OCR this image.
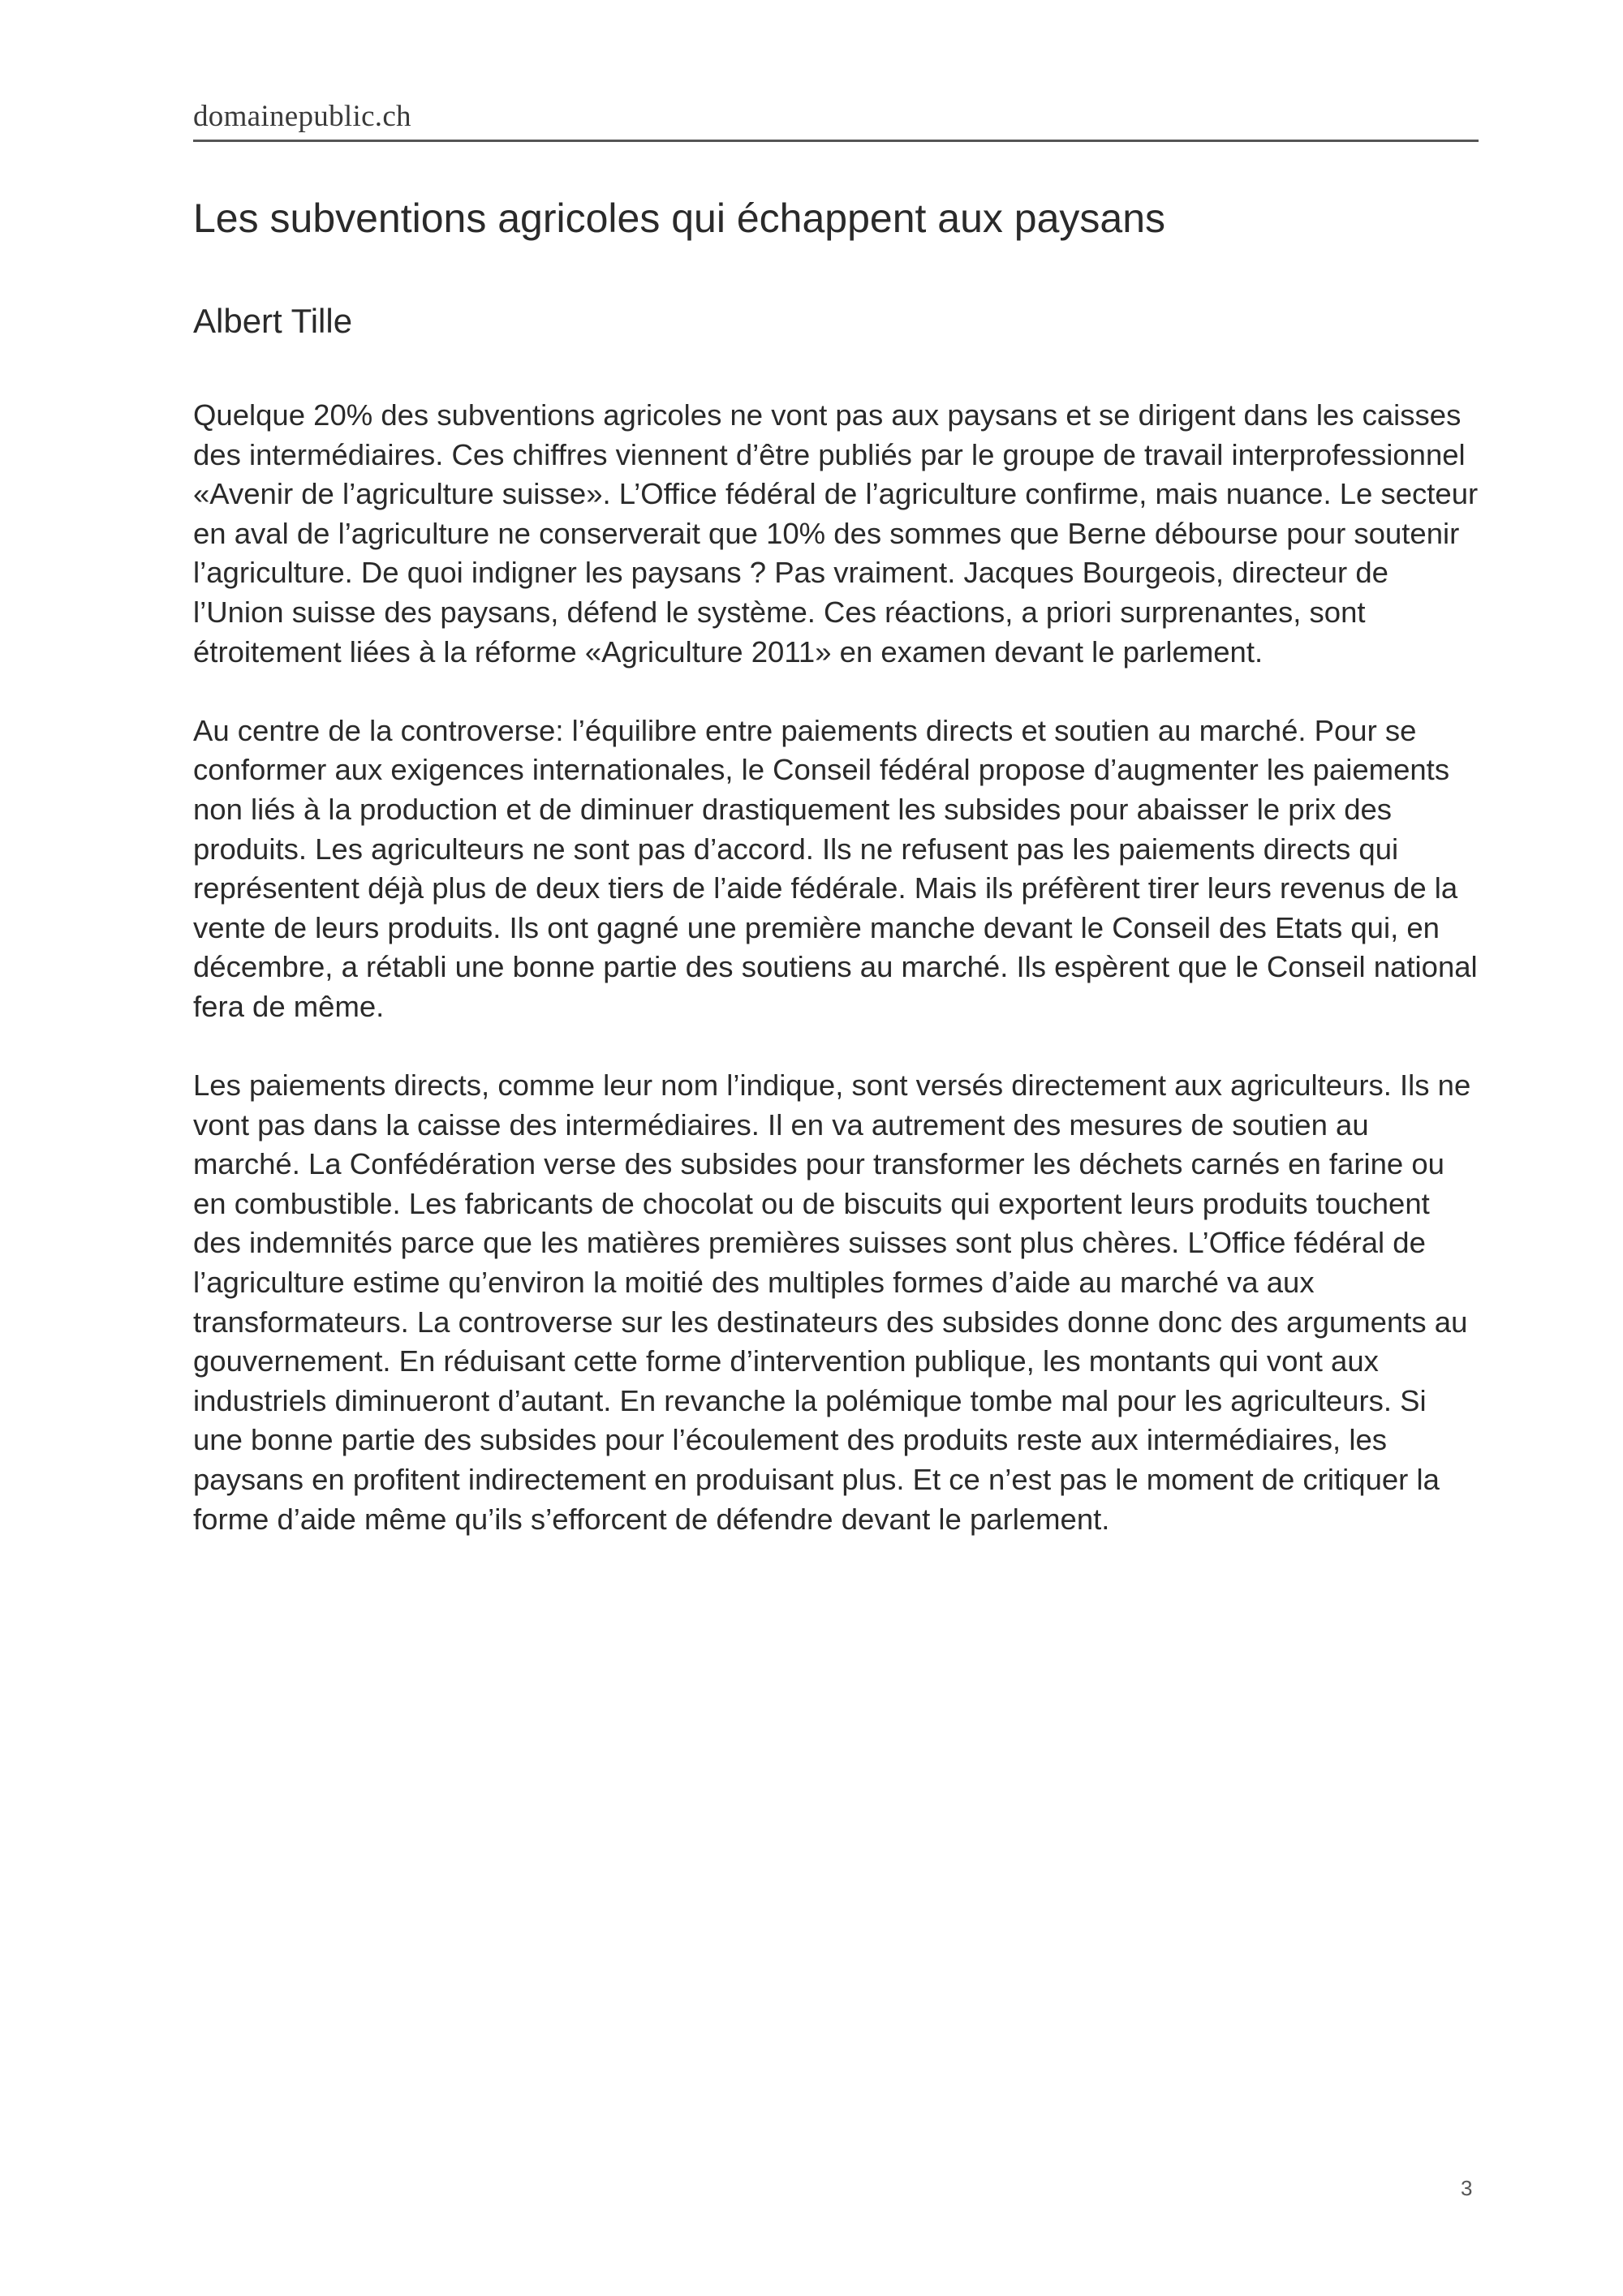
domainepublic.ch
Les subventions agricoles qui échappent aux paysans
Albert Tille

Quelque 20% des subventions agricoles ne vont pas aux paysans et se dirigent dans les caisses des intermédiaires. Ces chiffres viennent d’être publiés par le groupe de travail interprofessionnel «Avenir de l’agriculture suisse». L’Office fédéral de l’agriculture confirme, mais nuance. Le secteur en aval de l’agriculture ne conserverait que 10% des sommes que Berne débourse pour soutenir l’agriculture. De quoi indigner les paysans ? Pas vraiment. Jacques Bourgeois, directeur de l’Union suisse des paysans, défend le système. Ces réactions, a priori surprenantes, sont étroitement liées à la réforme «Agriculture 2011» en examen devant le parlement.

Au centre de la controverse: l’équilibre entre paiements directs et soutien au marché. Pour se conformer aux exigences internationales, le Conseil fédéral propose d’augmenter les paiements non liés à la production et de diminuer drastiquement les subsides pour abaisser le prix des produits. Les agriculteurs ne sont pas d’accord. Ils ne refusent pas les paiements directs qui représentent déjà plus de deux tiers de l’aide fédérale. Mais ils préfèrent tirer leurs revenus de la vente de leurs produits. Ils ont gagné une première manche devant le Conseil des Etats qui, en décembre, a rétabli une bonne partie des soutiens au marché. Ils espèrent que le Conseil national fera de même.

Les paiements directs, comme leur nom l’indique, sont versés directement aux agriculteurs. Ils ne vont pas dans la caisse des intermédiaires. Il en va autrement des mesures de soutien au marché. La Confédération verse des subsides pour transformer les déchets carnés en farine ou en combustible. Les fabricants de chocolat ou de biscuits qui exportent leurs produits touchent des indemnités parce que les matières premières suisses sont plus chères. L’Office fédéral de l’agriculture estime qu’environ la moitié des multiples formes d’aide au marché va aux transformateurs. La controverse sur les destinateurs des subsides donne donc des arguments au gouvernement. En réduisant cette forme d’intervention publique, les montants qui vont aux industriels diminueront d’autant. En revanche la polémique tombe mal pour les agriculteurs. Si une bonne partie des subsides pour l’écoulement des produits reste aux intermédiaires, les paysans en profitent indirectement en produisant plus. Et ce n’est pas le moment de critiquer la forme d’aide même qu’ils s’efforcent de défendre devant le parlement.

3
